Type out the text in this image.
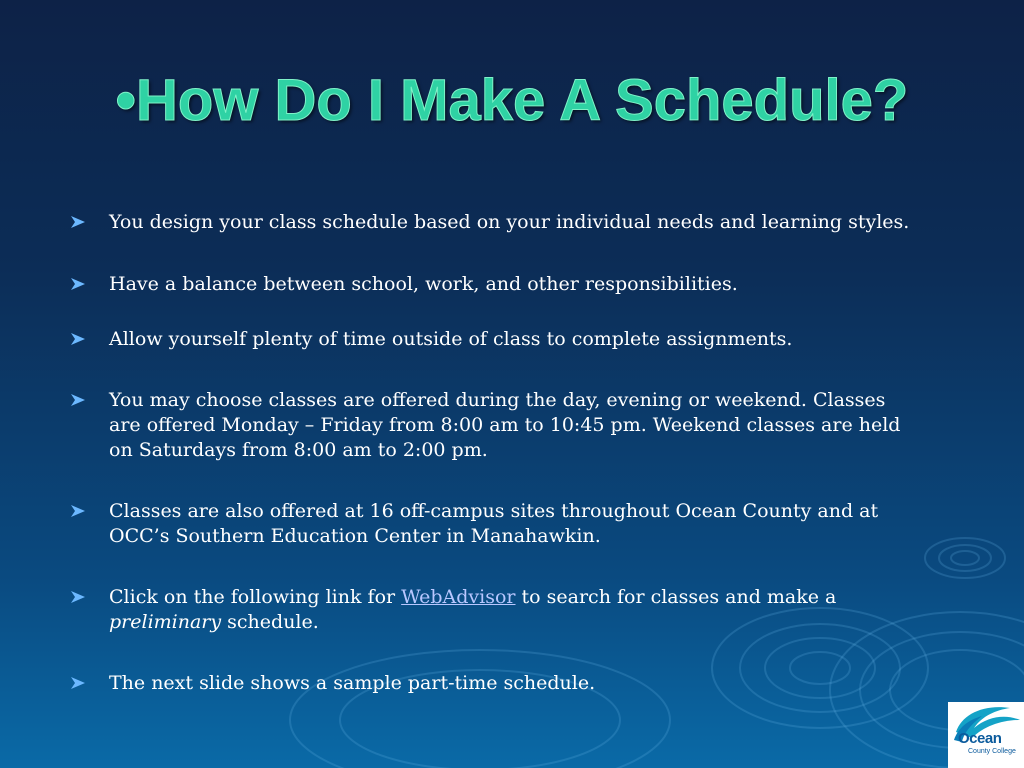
•How Do I Make A Schedule?
You design your class schedule based on your individual needs and learning styles.
Have a balance between school, work, and other responsibilities.
Allow yourself plenty of time outside of class to complete assignments.
You may choose classes are offered during the day, evening or weekend. Classes
are offered Monday – Friday from 8:00 am to 10:45 pm. Weekend classes are held
on Saturdays from 8:00 am to 2:00 pm.
Classes are also offered at 16 off-campus sites throughout Ocean County and at
OCC’s Southern Education Center in Manahawkin.
Click on the following link for WebAdvisor to search for classes and make a
preliminary schedule.
The next slide shows a sample part-time schedule.
Ocean
County College
